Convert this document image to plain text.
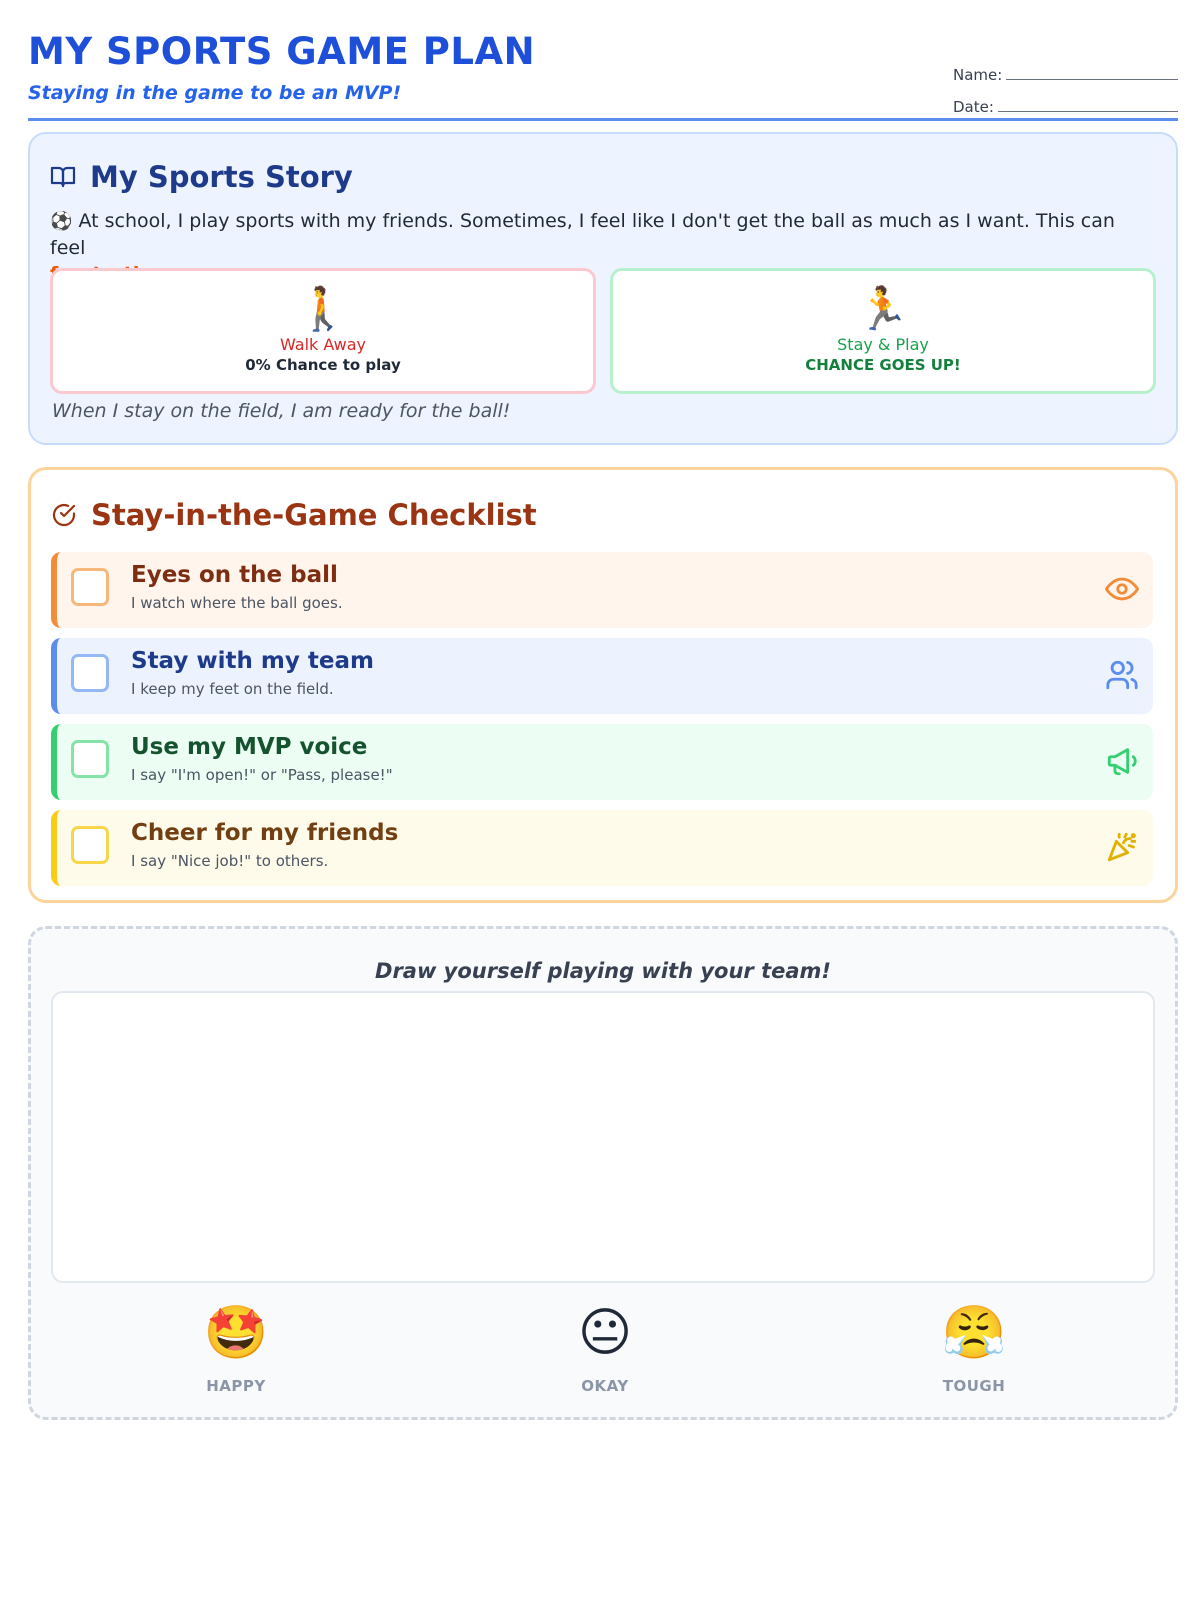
MY SPORTS GAME PLAN
Staying in the game to be an MVP!
Name:
Date:
My Sports Story
⚽ At school, I play sports with my friends. Sometimes, I feel like I don't get the ball as much as I want. This can feel

🚶
Walk Away
0% Chance to play
🏃
Stay & Play
CHANCE GOES UP!
When I stay on the field, I am ready for the ball!
Stay-in-the-Game Checklist
Eyes on the ball
I watch where the ball goes.
Stay with my team
I keep my feet on the field.
Use my MVP voice
I say "I'm open!" or "Pass, please!"
Cheer for my friends
I say "Nice job!" to others.
Draw yourself playing with your team!
🤩
HAPPY
😐
OKAY
😤
TOUGH
